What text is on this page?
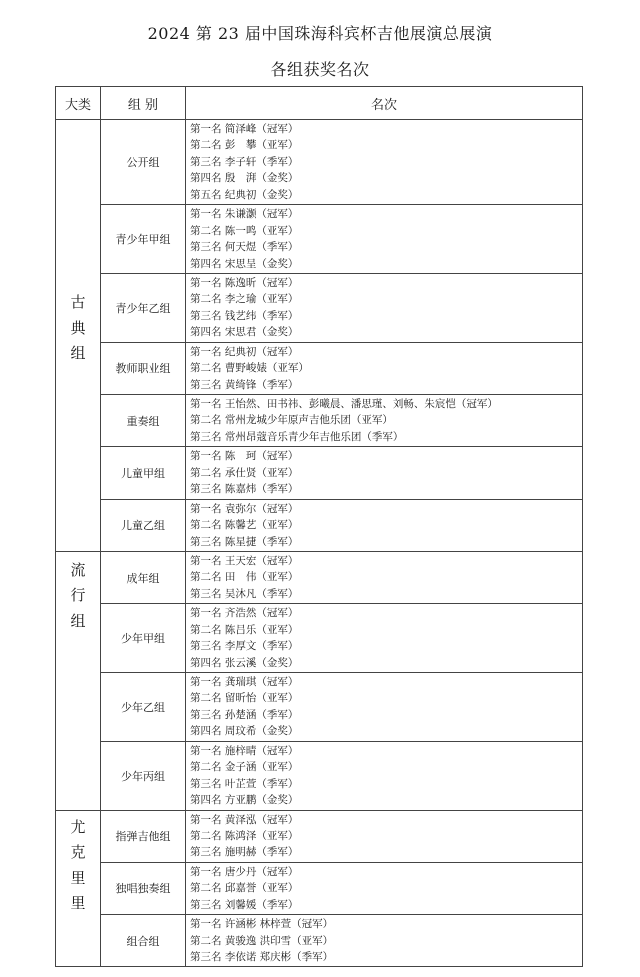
2024 第 23 届中国珠海科宾杯吉他展演总展演
各组获奖名次
大类	组 别	名次
古典组	公开组	第一名 简泽峰（冠军）
第二名 彭　攀（亚军）
第三名 李子轩（季军）
第四名 殷　湃（金奖）
第五名 纪典初（金奖）

	青少年甲组	第一名 朱谦灏（冠军）
第二名 陈一鸣（亚军）
第三名 何天煜（季军）
第四名 宋思呈（金奖）

	青少年乙组	第一名 陈逸昕（冠军）
第二名 李之瑜（亚军）
第三名 钱艺纬（季军）
第四名 宋思君（金奖）

	教师职业组	第一名 纪典初（冠军）
第二名 曹野峻婊（亚军）
第三名 黄绮锋（季军）

	重奏组	第一名 王怡然、田书祎、彭曦晨、潘思瑾、刘畅、朱宸恺（冠军）
第二名 常州龙城少年原声吉他乐团（亚军）
第三名 常州昂蔻音乐青少年吉他乐团（季军）

	儿童甲组	第一名 陈　珂（冠军）
第二名 承仕贤（亚军）
第三名 陈嘉炜（季军）

	儿童乙组	第一名 袁弥尔（冠军）
第二名 陈馨艺（亚军）
第三名 陈星捷（季军）

流行组	成年组	第一名 王天宏（冠军）
第二名 田　伟（亚军）
第三名 吴沐凡（季军）

	少年甲组	第一名 齐浩然（冠军）
第二名 陈吕乐（亚军）
第三名 李厚文（季军）
第四名 张云溪（金奖）

	少年乙组	第一名 龚瑞琪（冠军）
第二名 留昕怡（亚军）
第三名 孙楚涵（季军）
第四名 周玟希（金奖）

	少年丙组	第一名 施梓晴（冠军）
第二名 金子涵（亚军）
第三名 叶芷萱（季军）
第四名 方亚鹏（金奖）

尤克里里	指弹吉他组	第一名 黄泽泓（冠军）
第二名 陈鸿泽（亚军）
第三名 施明赫（季军）

	独唱独奏组	第一名 唐少丹（冠军）
第二名 邱嘉誉（亚军）
第三名 刘馨媛（季军）

	组合组	第一名 许涵彬 林梓萱（冠军）
第二名 黄骏逸 洪印雪（亚军）
第三名 李依诺 郑庆彬（季军）
